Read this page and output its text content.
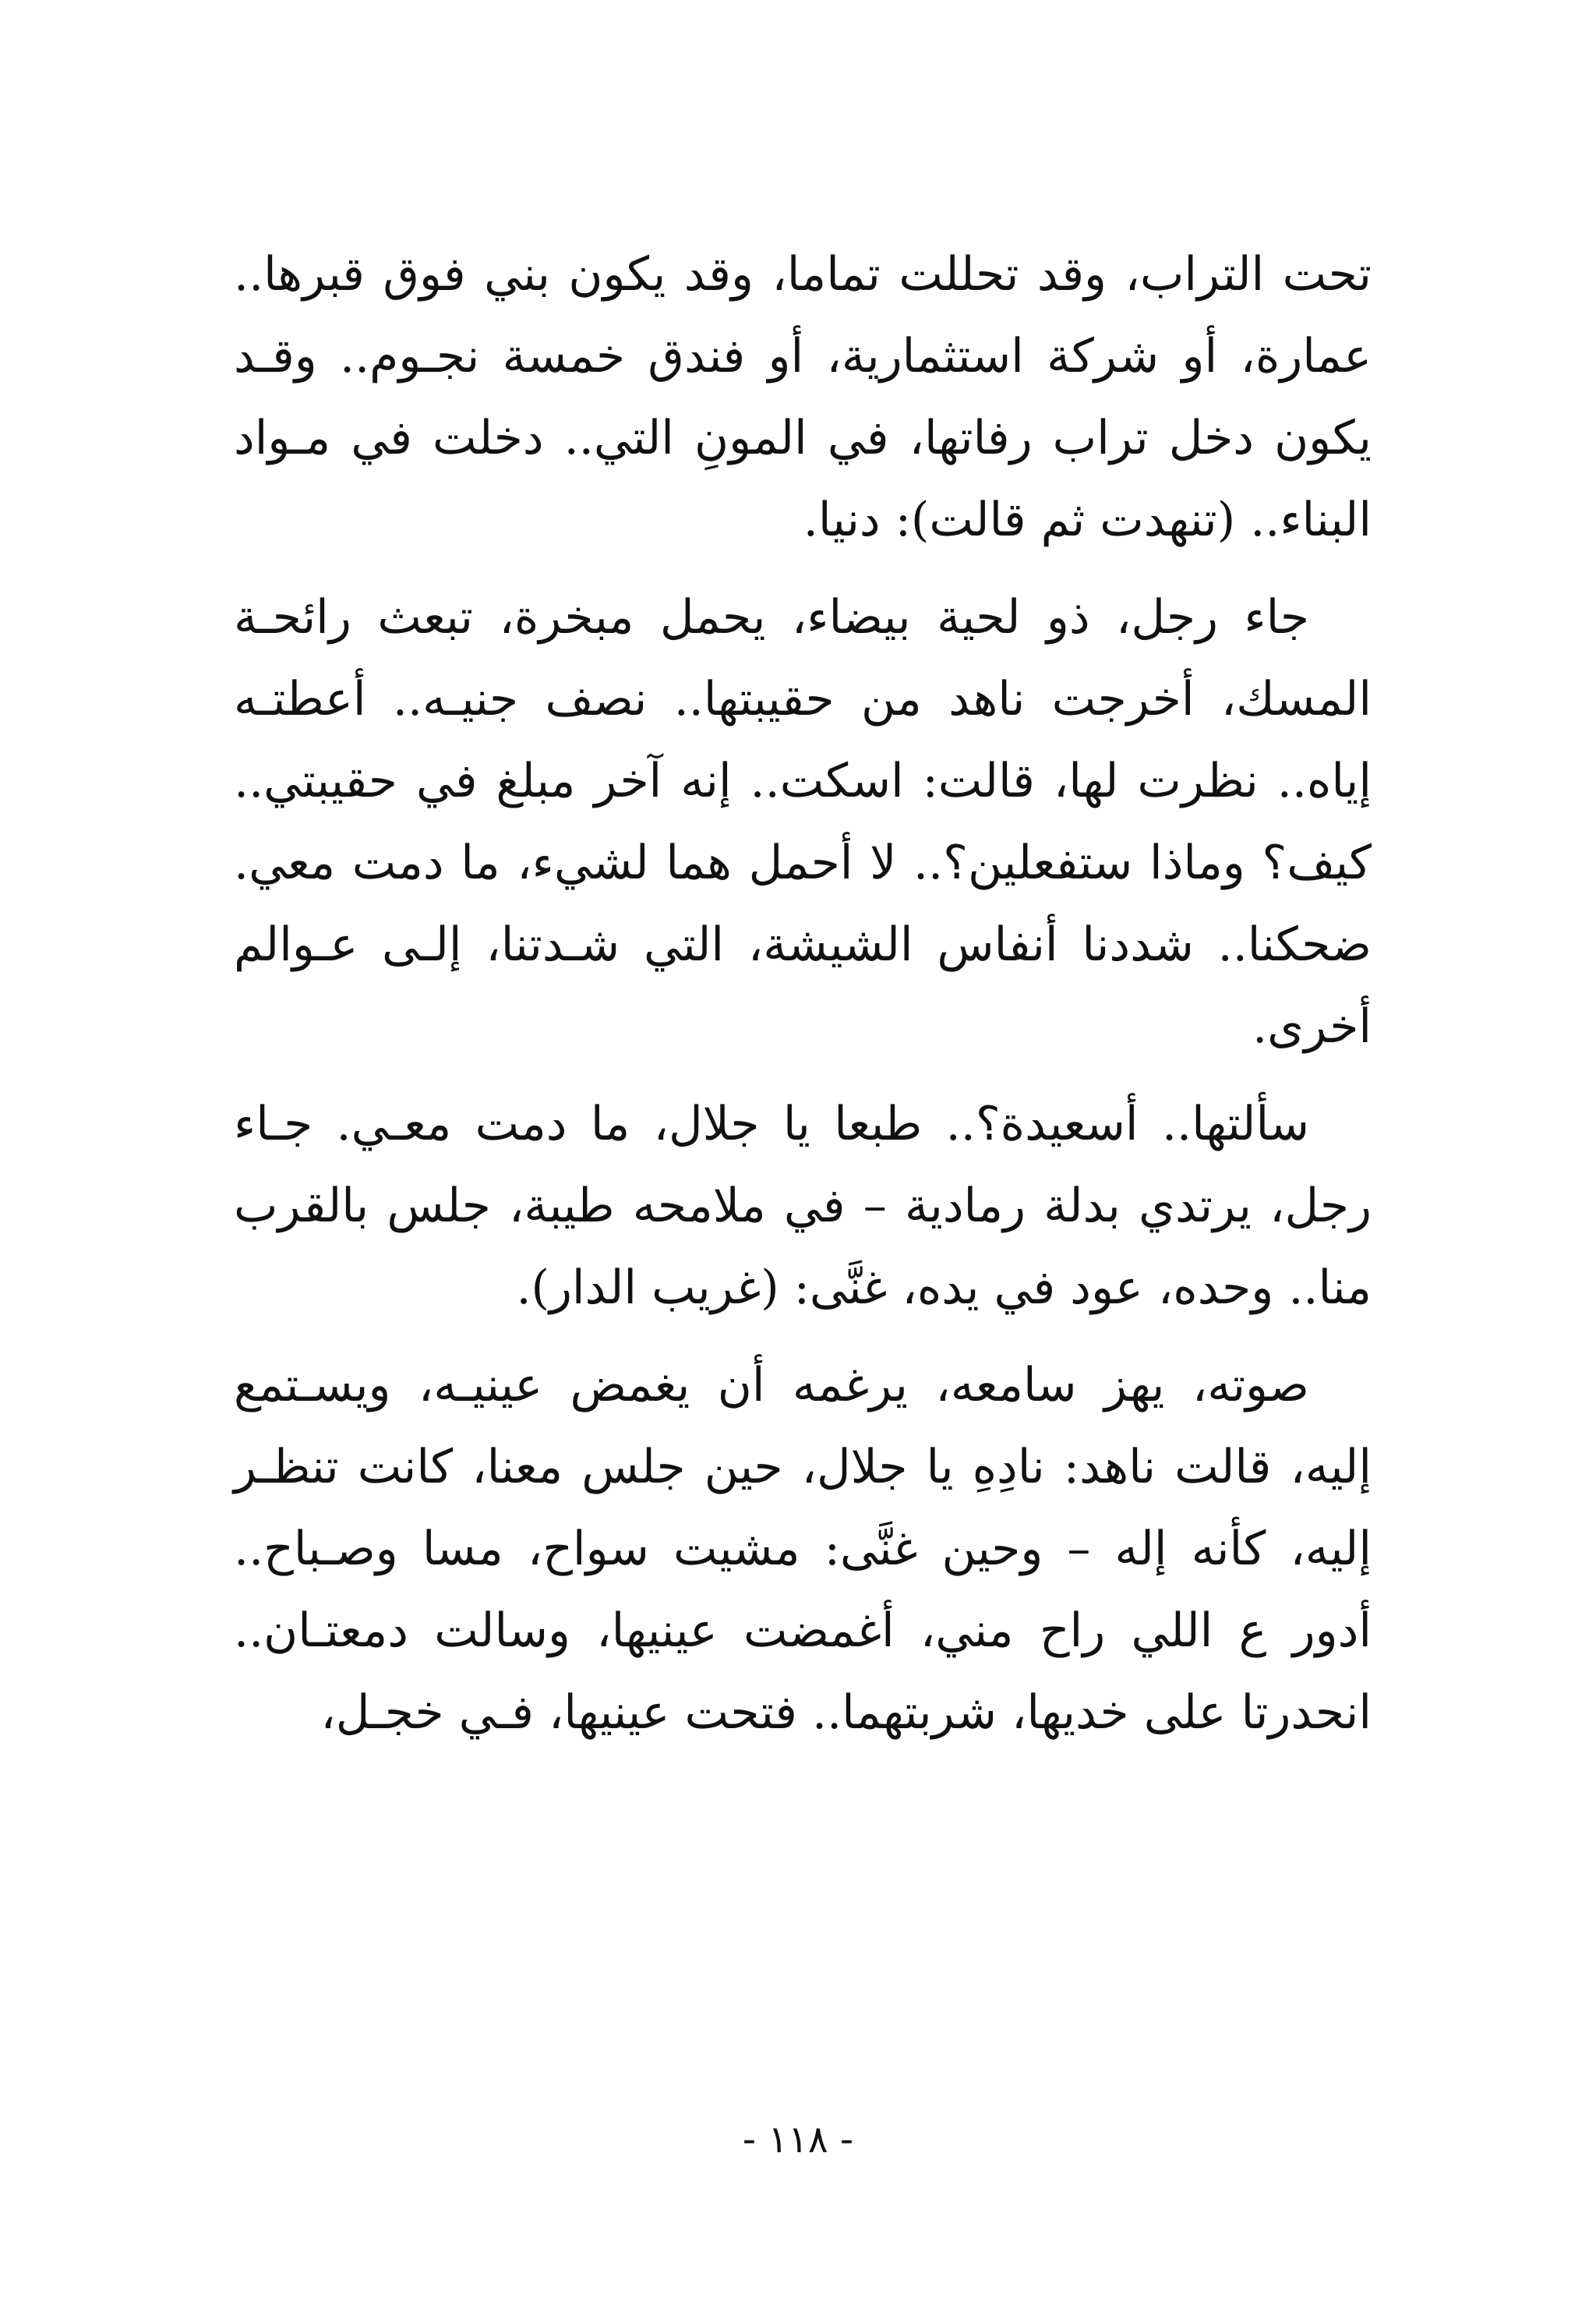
تحت التراب، وقد تحللت تماما، وقد يكون بني فوق قبرها.. عمارة، أو شركة استثمارية، أو فندق خمسة نجـوم.. وقـد يكون دخل تراب رفاتها، في المونِ التي.. دخلت في مـواد البناء.. (تنهدت ثم قالت): دنيا.

جاء رجل، ذو لحية بيضاء، يحمل مبخرة، تبعث رائحـة المسك، أخرجت ناهد من حقيبتها.. نصف جنيـه.. أعطتـه إياه.. نظرت لها، قالت: اسكت.. إنه آخر مبلغ في حقيبتي.. كيف؟ وماذا ستفعلين؟.. لا أحمل هما لشيء، ما دمت معي. ضحكنا.. شددنا أنفاس الشيشة، التي شـدتنا، إلـى عـوالم أخرى.

سألتها.. أسعيدة؟.. طبعا يا جلال، ما دمت معـي. جـاء رجل، يرتدي بدلة رمادية – في ملامحه طيبة، جلس بالقرب منا.. وحده، عود في يده، غنَّى: (غريب الدار).

صوته، يهز سامعه، يرغمه أن يغمض عينيـه، ويسـتمع إليه، قالت ناهد: نادِهِ يا جلال، حين جلس معنا، كانت تنظـر إليه، كأنه إله – وحين غنَّى: مشيت سواح، مسا وصـباح.. أدور ع اللي راح مني، أغمضت عينيها، وسالت دمعتـان.. انحدرتا على خديها، شربتهما.. فتحت عينيها، فـي خجـل،

- ١١٨ -
